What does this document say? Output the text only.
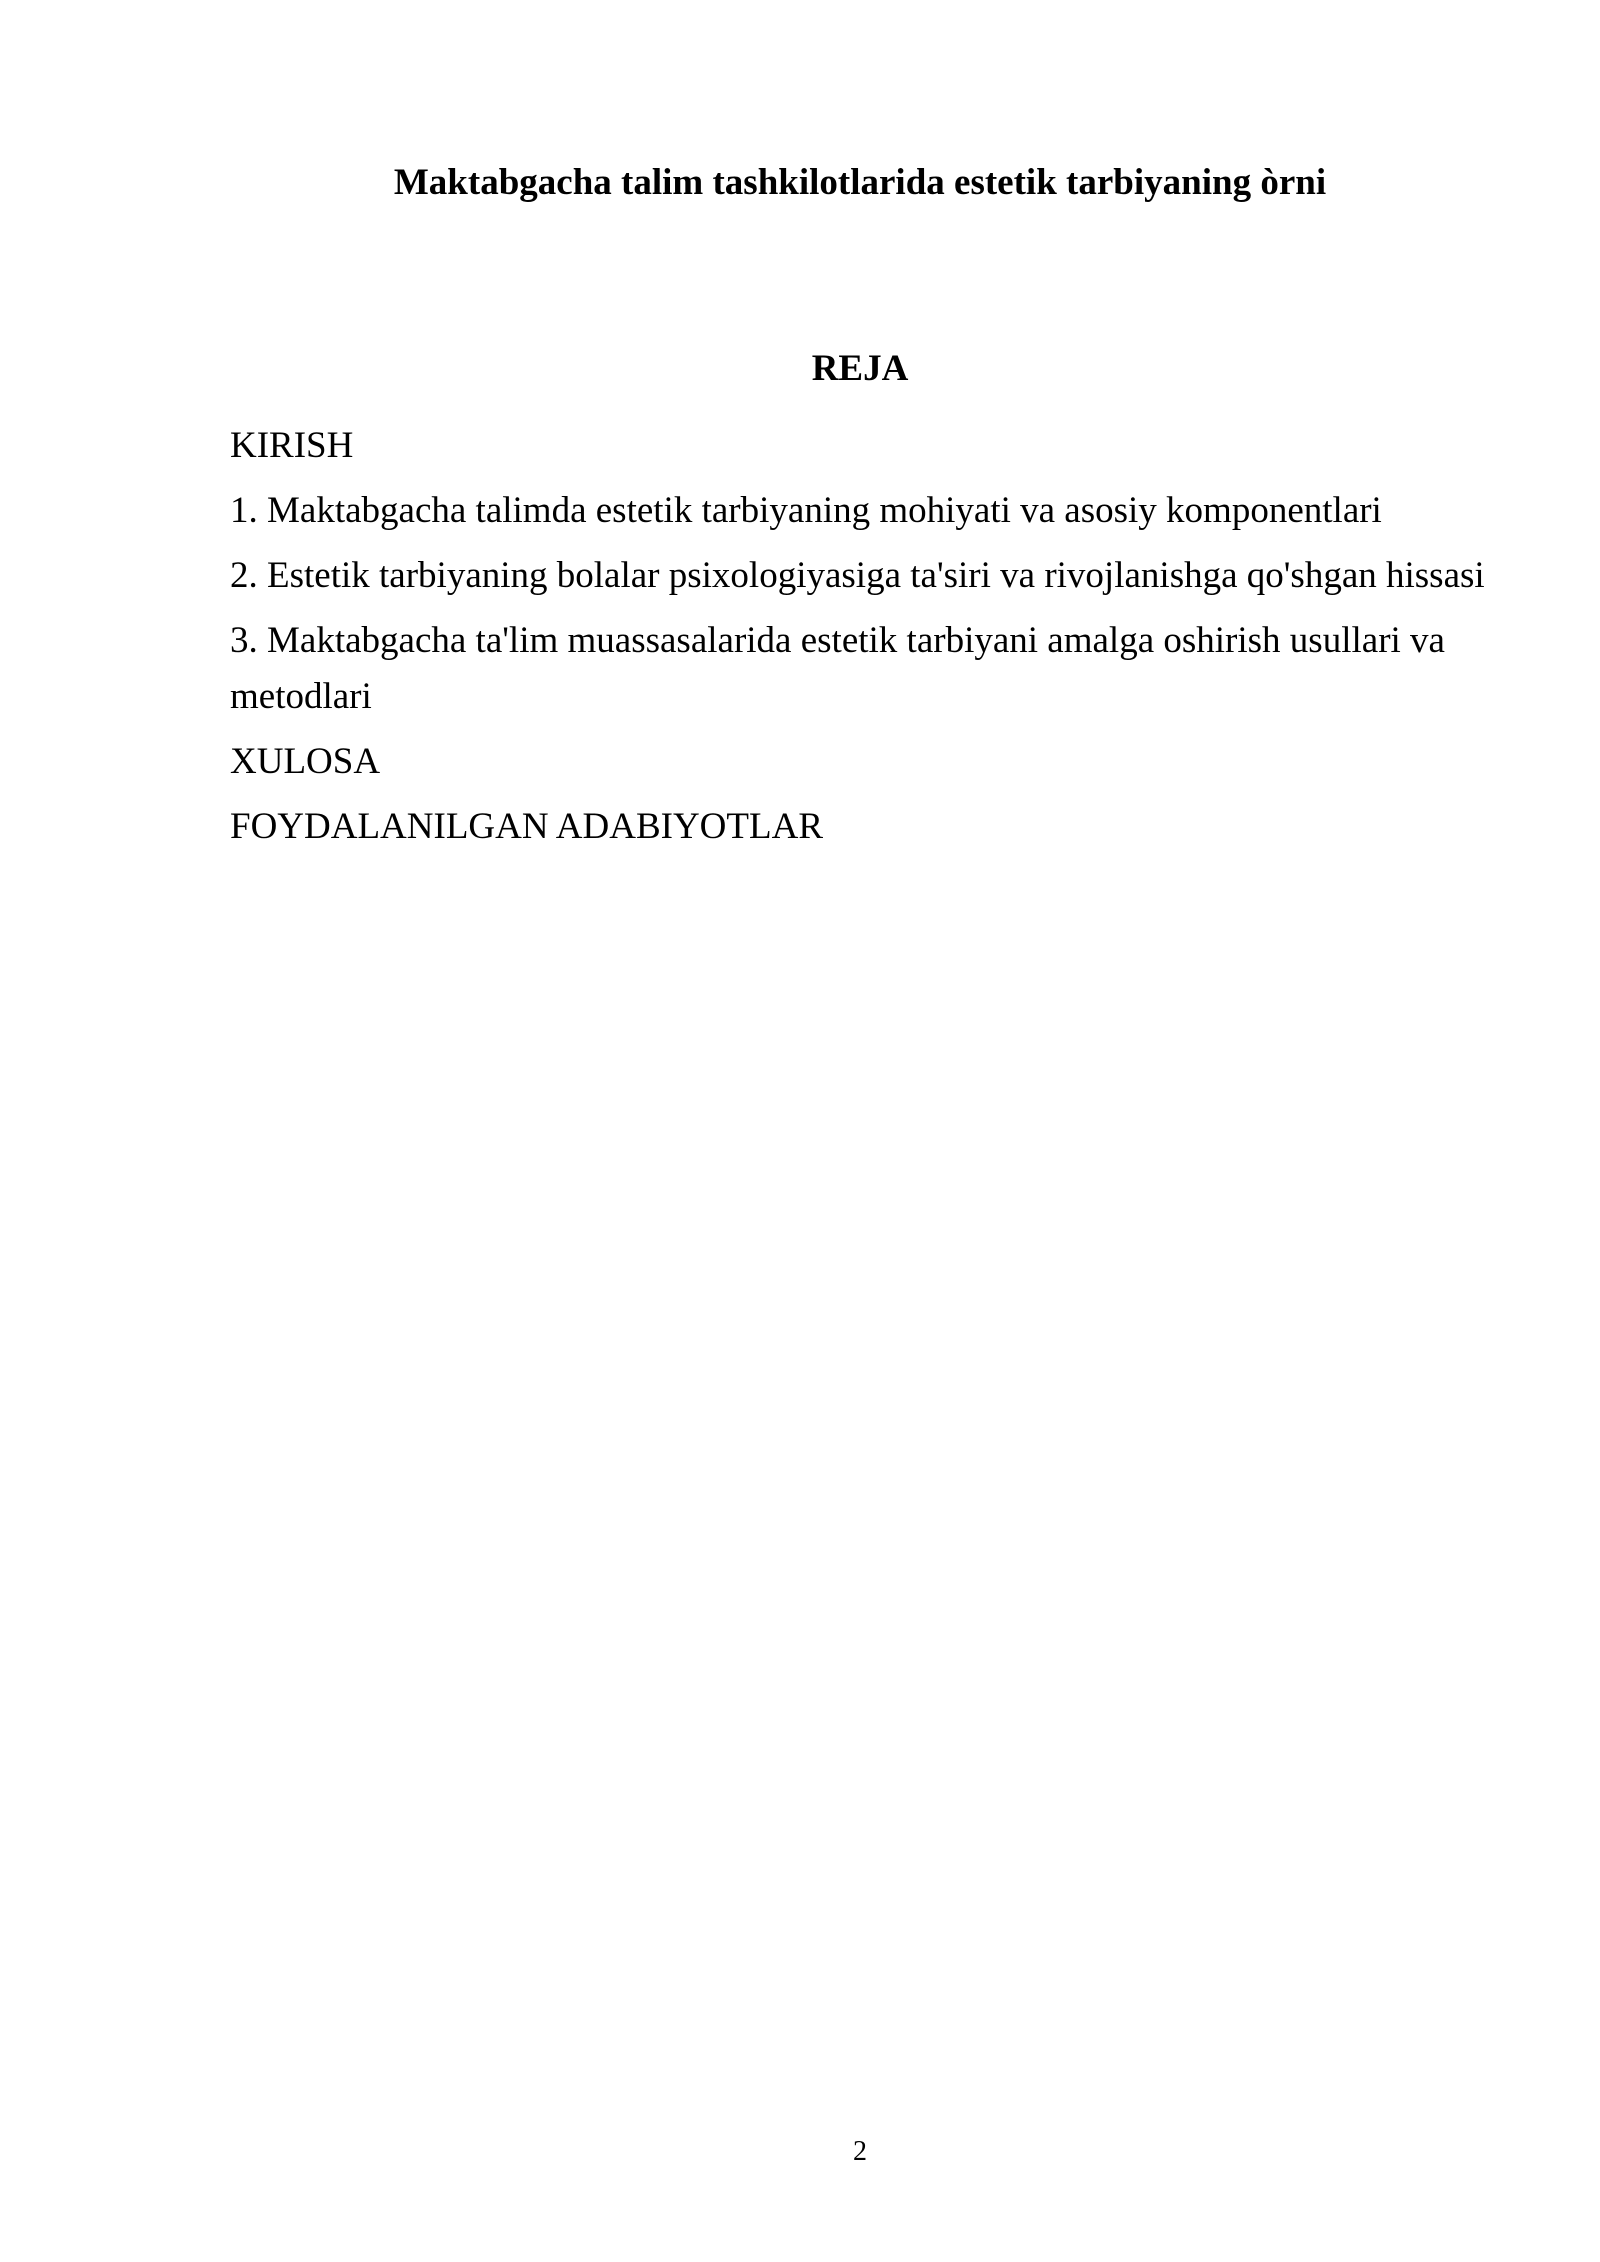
Maktabgacha talim tashkilotlarida estetik tarbiyaning òrni
REJA
KIRISH
1. Maktabgacha talimda estetik tarbiyaning mohiyati va asosiy komponentlari
2. Estetik tarbiyaning bolalar psixologiyasiga ta'siri va rivojlanishga qo'shgan hissasi
3. Maktabgacha ta'lim muassasalarida estetik tarbiyani amalga oshirish usullari va metodlari
XULOSA
FOYDALANILGAN ADABIYOTLAR
2
